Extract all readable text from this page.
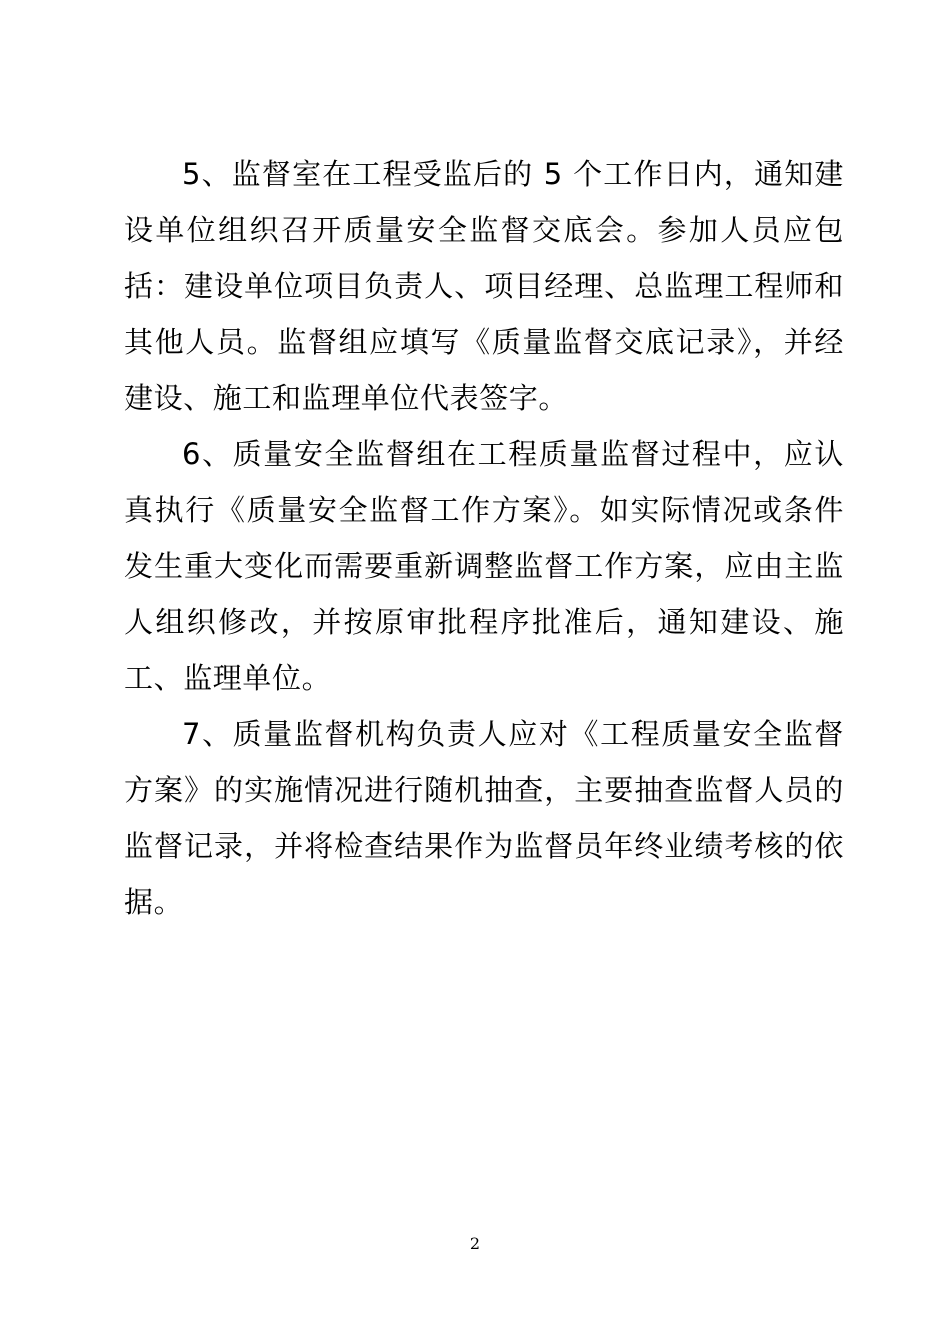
5、监督室在工程受监后的 5 个工作日内，通知建设单位组织召开质量安全监督交底会。参加人员应包括：建设单位项目负责人、项目经理、总监理工程师和其他人员。监督组应填写《质量监督交底记录》，并经建设、施工和监理单位代表签字。

6、质量安全监督组在工程质量监督过程中，应认真执行《质量安全监督工作方案》。如实际情况或条件发生重大变化而需要重新调整监督工作方案，应由主监人组织修改，并按原审批程序批准后，通知建设、施工、监理单位。

7、质量监督机构负责人应对《工程质量安全监督方案》的实施情况进行随机抽查，主要抽查监督人员的监督记录，并将检查结果作为监督员年终业绩考核的依据。

2
